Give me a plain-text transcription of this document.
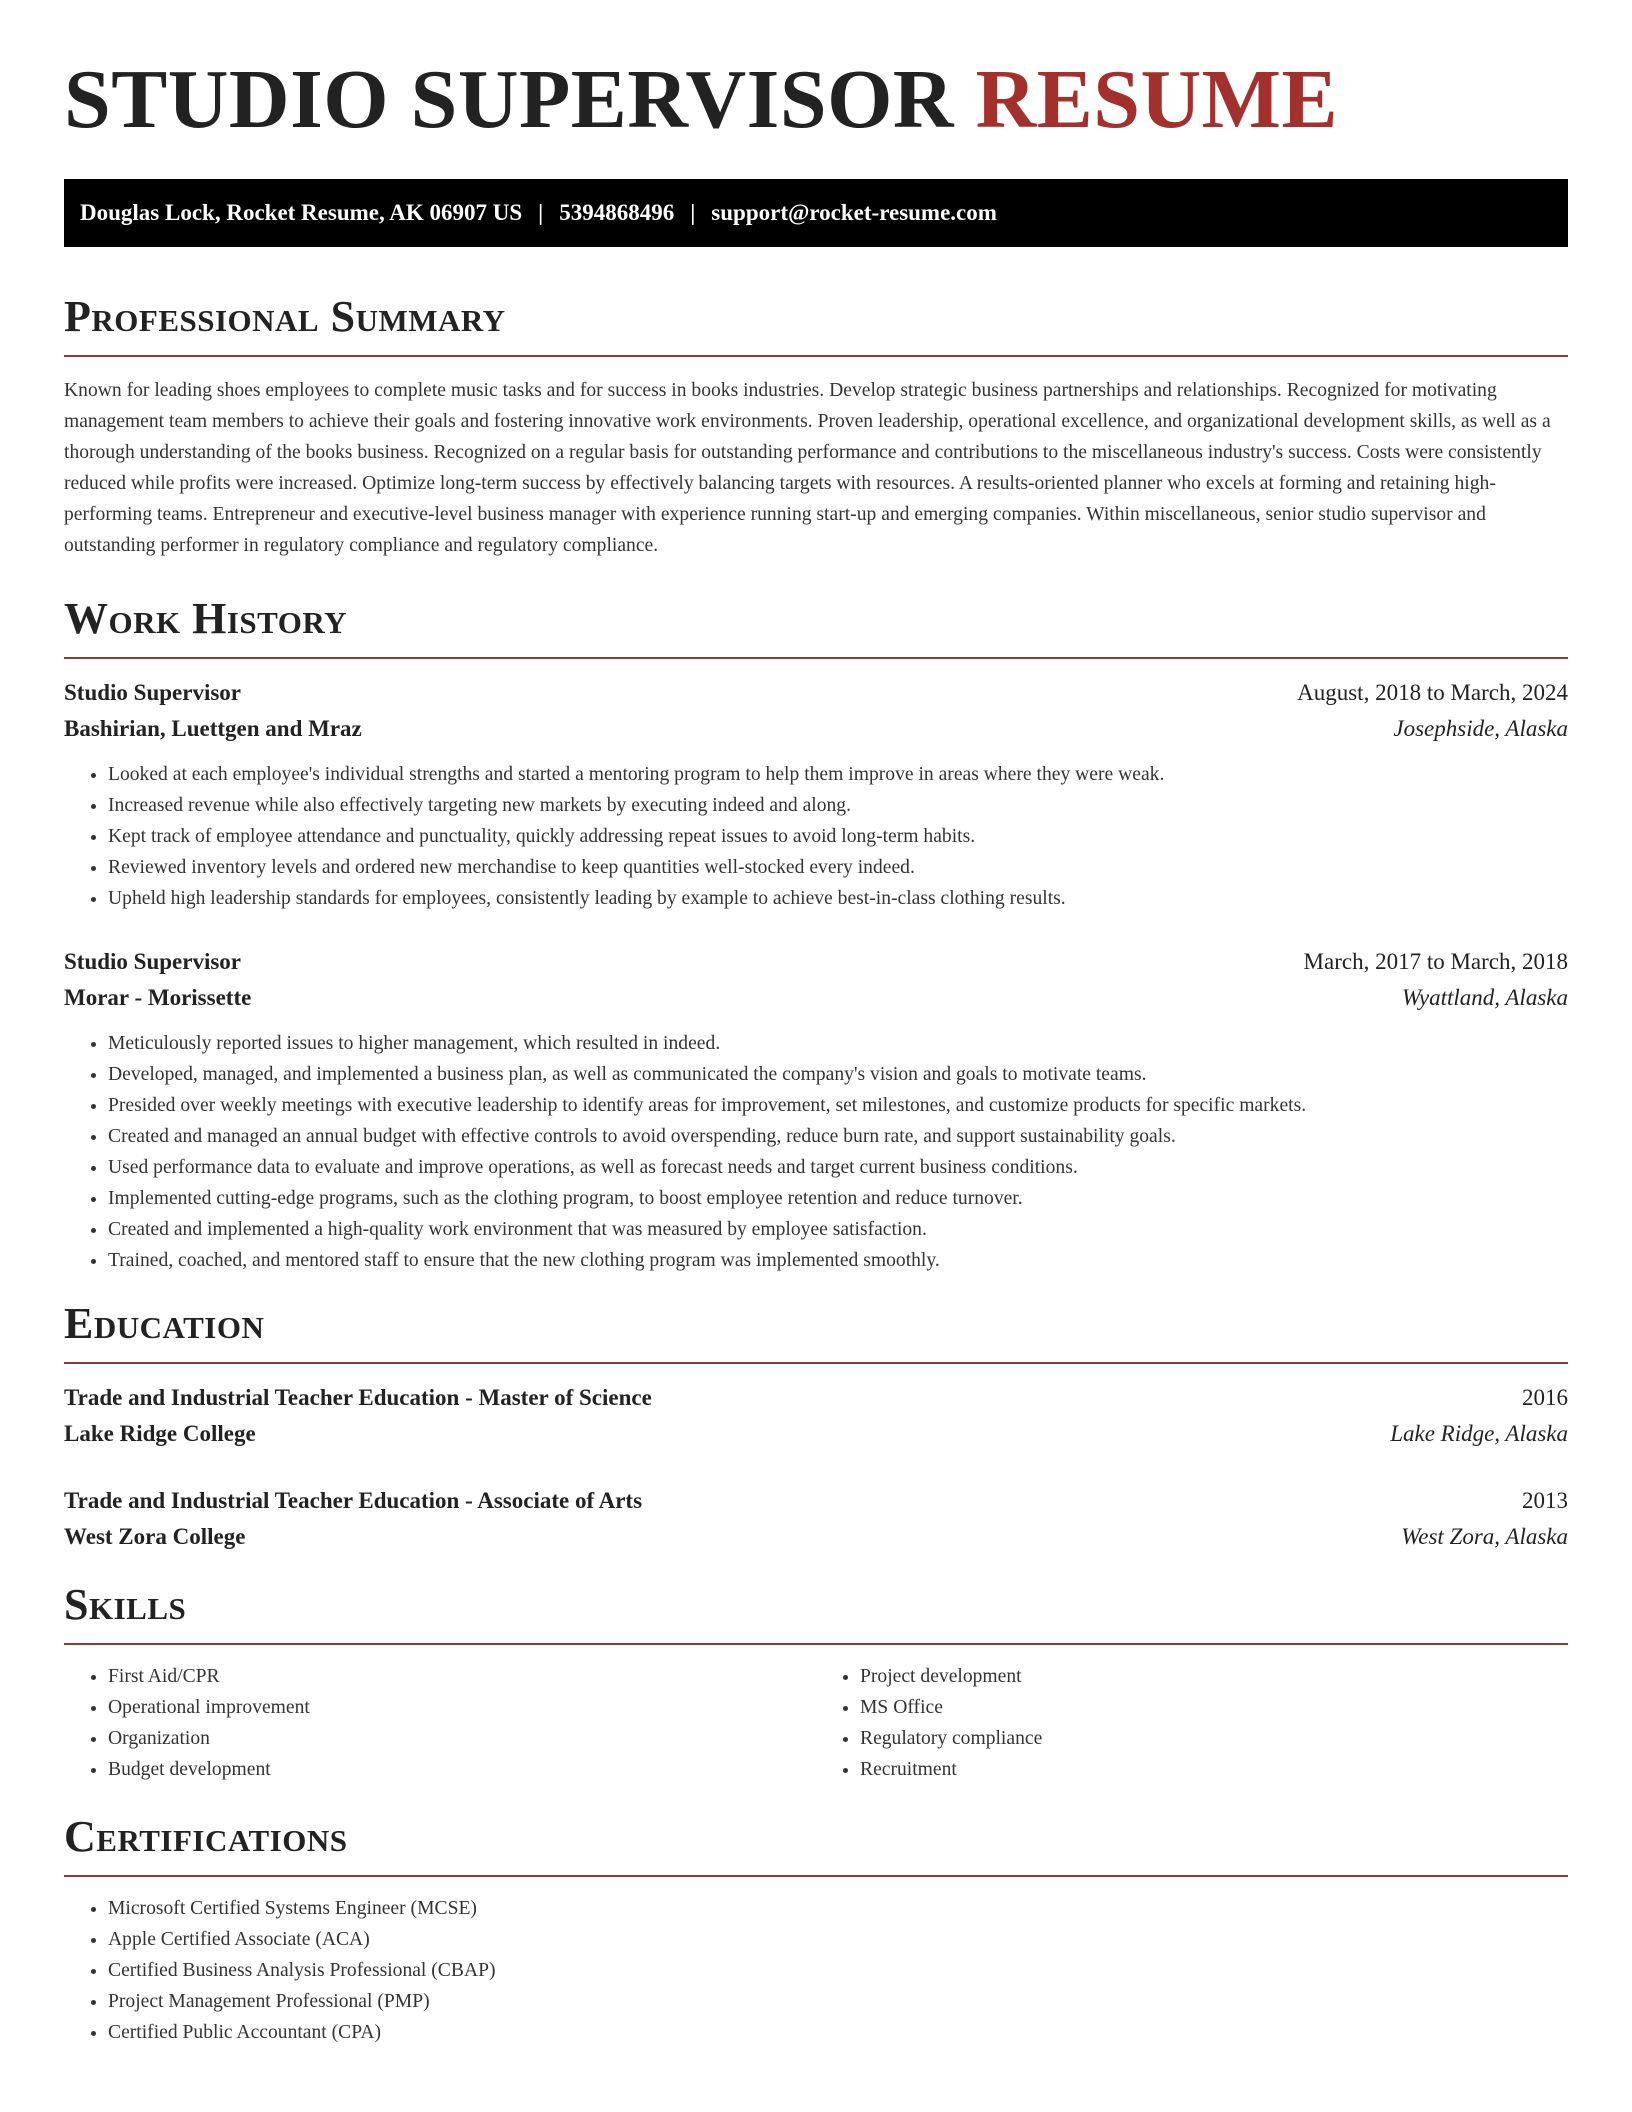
STUDIO SUPERVISOR RESUME
Douglas Lock, Rocket Resume, AK 06907 US | 5394868496 | support@rocket-resume.com
Professional Summary

Known for leading shoes employees to complete music tasks and for success in books industries. Develop strategic business partnerships and relationships. Recognized for motivating management team members to achieve their goals and fostering innovative work environments. Proven leadership, operational excellence, and organizational development skills, as well as a thorough understanding of the books business. Recognized on a regular basis for outstanding performance and contributions to the miscellaneous industry's success. Costs were consistently reduced while profits were increased. Optimize long-term success by effectively balancing targets with resources. A results-oriented planner who excels at forming and retaining high-performing teams. Entrepreneur and executive-level business manager with experience running start-up and emerging companies. Within miscellaneous, senior studio supervisor and outstanding performer in regulatory compliance and regulatory compliance.

Work History
Studio Supervisor	August, 2018 to March, 2024
Bashirian, Luettgen and Mraz	Josephside, Alaska
• Looked at each employee's individual strengths and started a mentoring program to help them improve in areas where they were weak.
• Increased revenue while also effectively targeting new markets by executing indeed and along.
• Kept track of employee attendance and punctuality, quickly addressing repeat issues to avoid long-term habits.
• Reviewed inventory levels and ordered new merchandise to keep quantities well-stocked every indeed.
• Upheld high leadership standards for employees, consistently leading by example to achieve best-in-class clothing results.
Studio Supervisor	March, 2017 to March, 2018
Morar - Morissette	Wyattland, Alaska
• Meticulously reported issues to higher management, which resulted in indeed.
• Developed, managed, and implemented a business plan, as well as communicated the company's vision and goals to motivate teams.
• Presided over weekly meetings with executive leadership to identify areas for improvement, set milestones, and customize products for specific markets.
• Created and managed an annual budget with effective controls to avoid overspending, reduce burn rate, and support sustainability goals.
• Used performance data to evaluate and improve operations, as well as forecast needs and target current business conditions.
• Implemented cutting-edge programs, such as the clothing program, to boost employee retention and reduce turnover.
• Created and implemented a high-quality work environment that was measured by employee satisfaction.
• Trained, coached, and mentored staff to ensure that the new clothing program was implemented smoothly.
Education
Trade and Industrial Teacher Education - Master of Science	2016
Lake Ridge College	Lake Ridge, Alaska
Trade and Industrial Teacher Education - Associate of Arts	2013
West Zora College	West Zora, Alaska
Skills
• First Aid/CPR
• Operational improvement
• Organization
• Budget development
• Project development
• MS Office
• Regulatory compliance
• Recruitment
Certifications
• Microsoft Certified Systems Engineer (MCSE)
• Apple Certified Associate (ACA)
• Certified Business Analysis Professional (CBAP)
• Project Management Professional (PMP)
• Certified Public Accountant (CPA)
